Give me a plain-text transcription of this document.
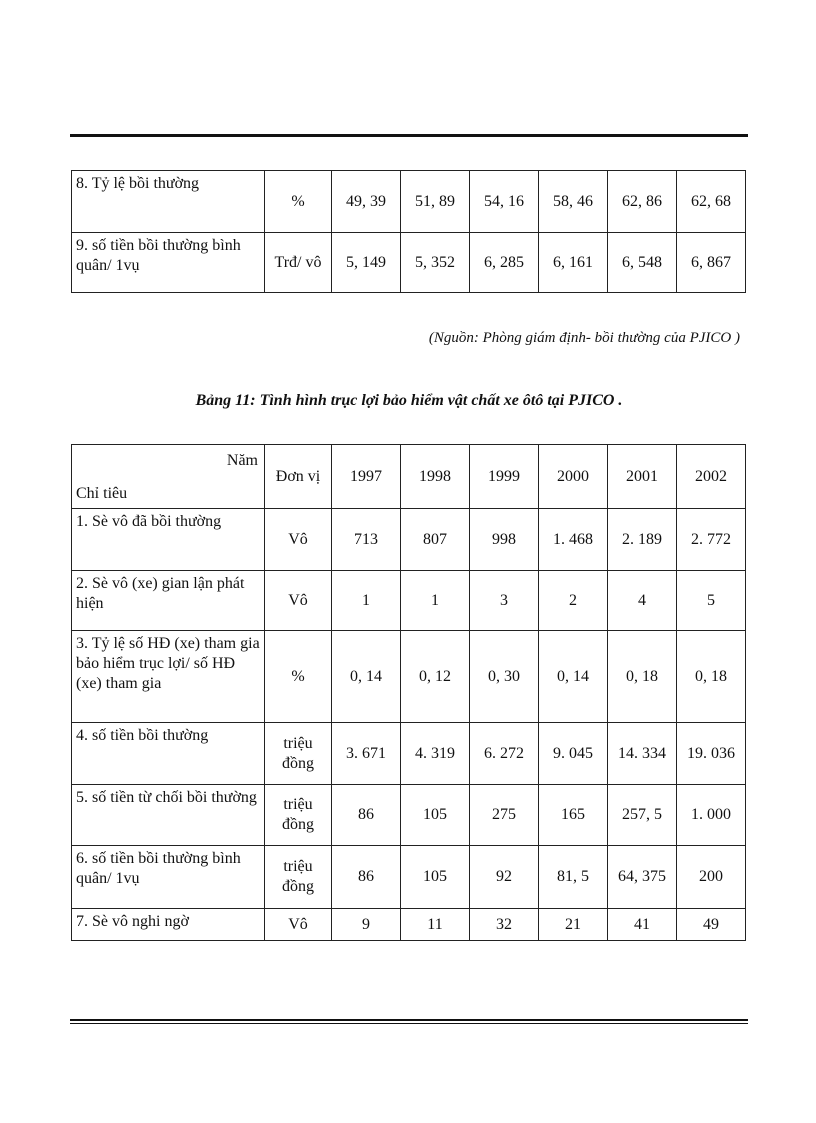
8. Tỷ lệ bồi thường	%	49, 39	51, 89	54, 16	58, 46	62, 86	62, 68
9. số tiền bồi thường bình quân/ 1vụ	Trđ/ vô	5, 149	5, 352	6, 285	6, 161	6, 548	6, 867
(Nguồn: Phòng giám định- bồi thường của PJICO )
Bảng 11: Tình hình trục lợi bảo hiểm vật chất xe ôtô tại PJICO .
Năm
Chỉ tiêu	Đơn vị	1997	1998	1999	2000	2001	2002
1. Sè vô đã bồi thường	Vô	713	807	998	1. 468	2. 189	2. 772
2. Sè vô (xe) gian lận phát hiện	Vô	1	1	3	2	4	5
3. Tỷ lệ số HĐ (xe) tham gia bảo hiểm trục lợi/ số HĐ (xe) tham gia	%	0, 14	0, 12	0, 30	0, 14	0, 18	0, 18
4. số tiền bồi thường	triệu đồng	3. 671	4. 319	6. 272	9. 045	14. 334	19. 036
5. số tiền từ chối bồi thường	triệu đồng	86	105	275	165	257, 5	1. 000
6. số tiền bồi thường bình quân/ 1vụ	triệu đồng	86	105	92	81, 5	64, 375	200
7. Sè vô nghi ngờ	Vô	9	11	32	21	41	49
